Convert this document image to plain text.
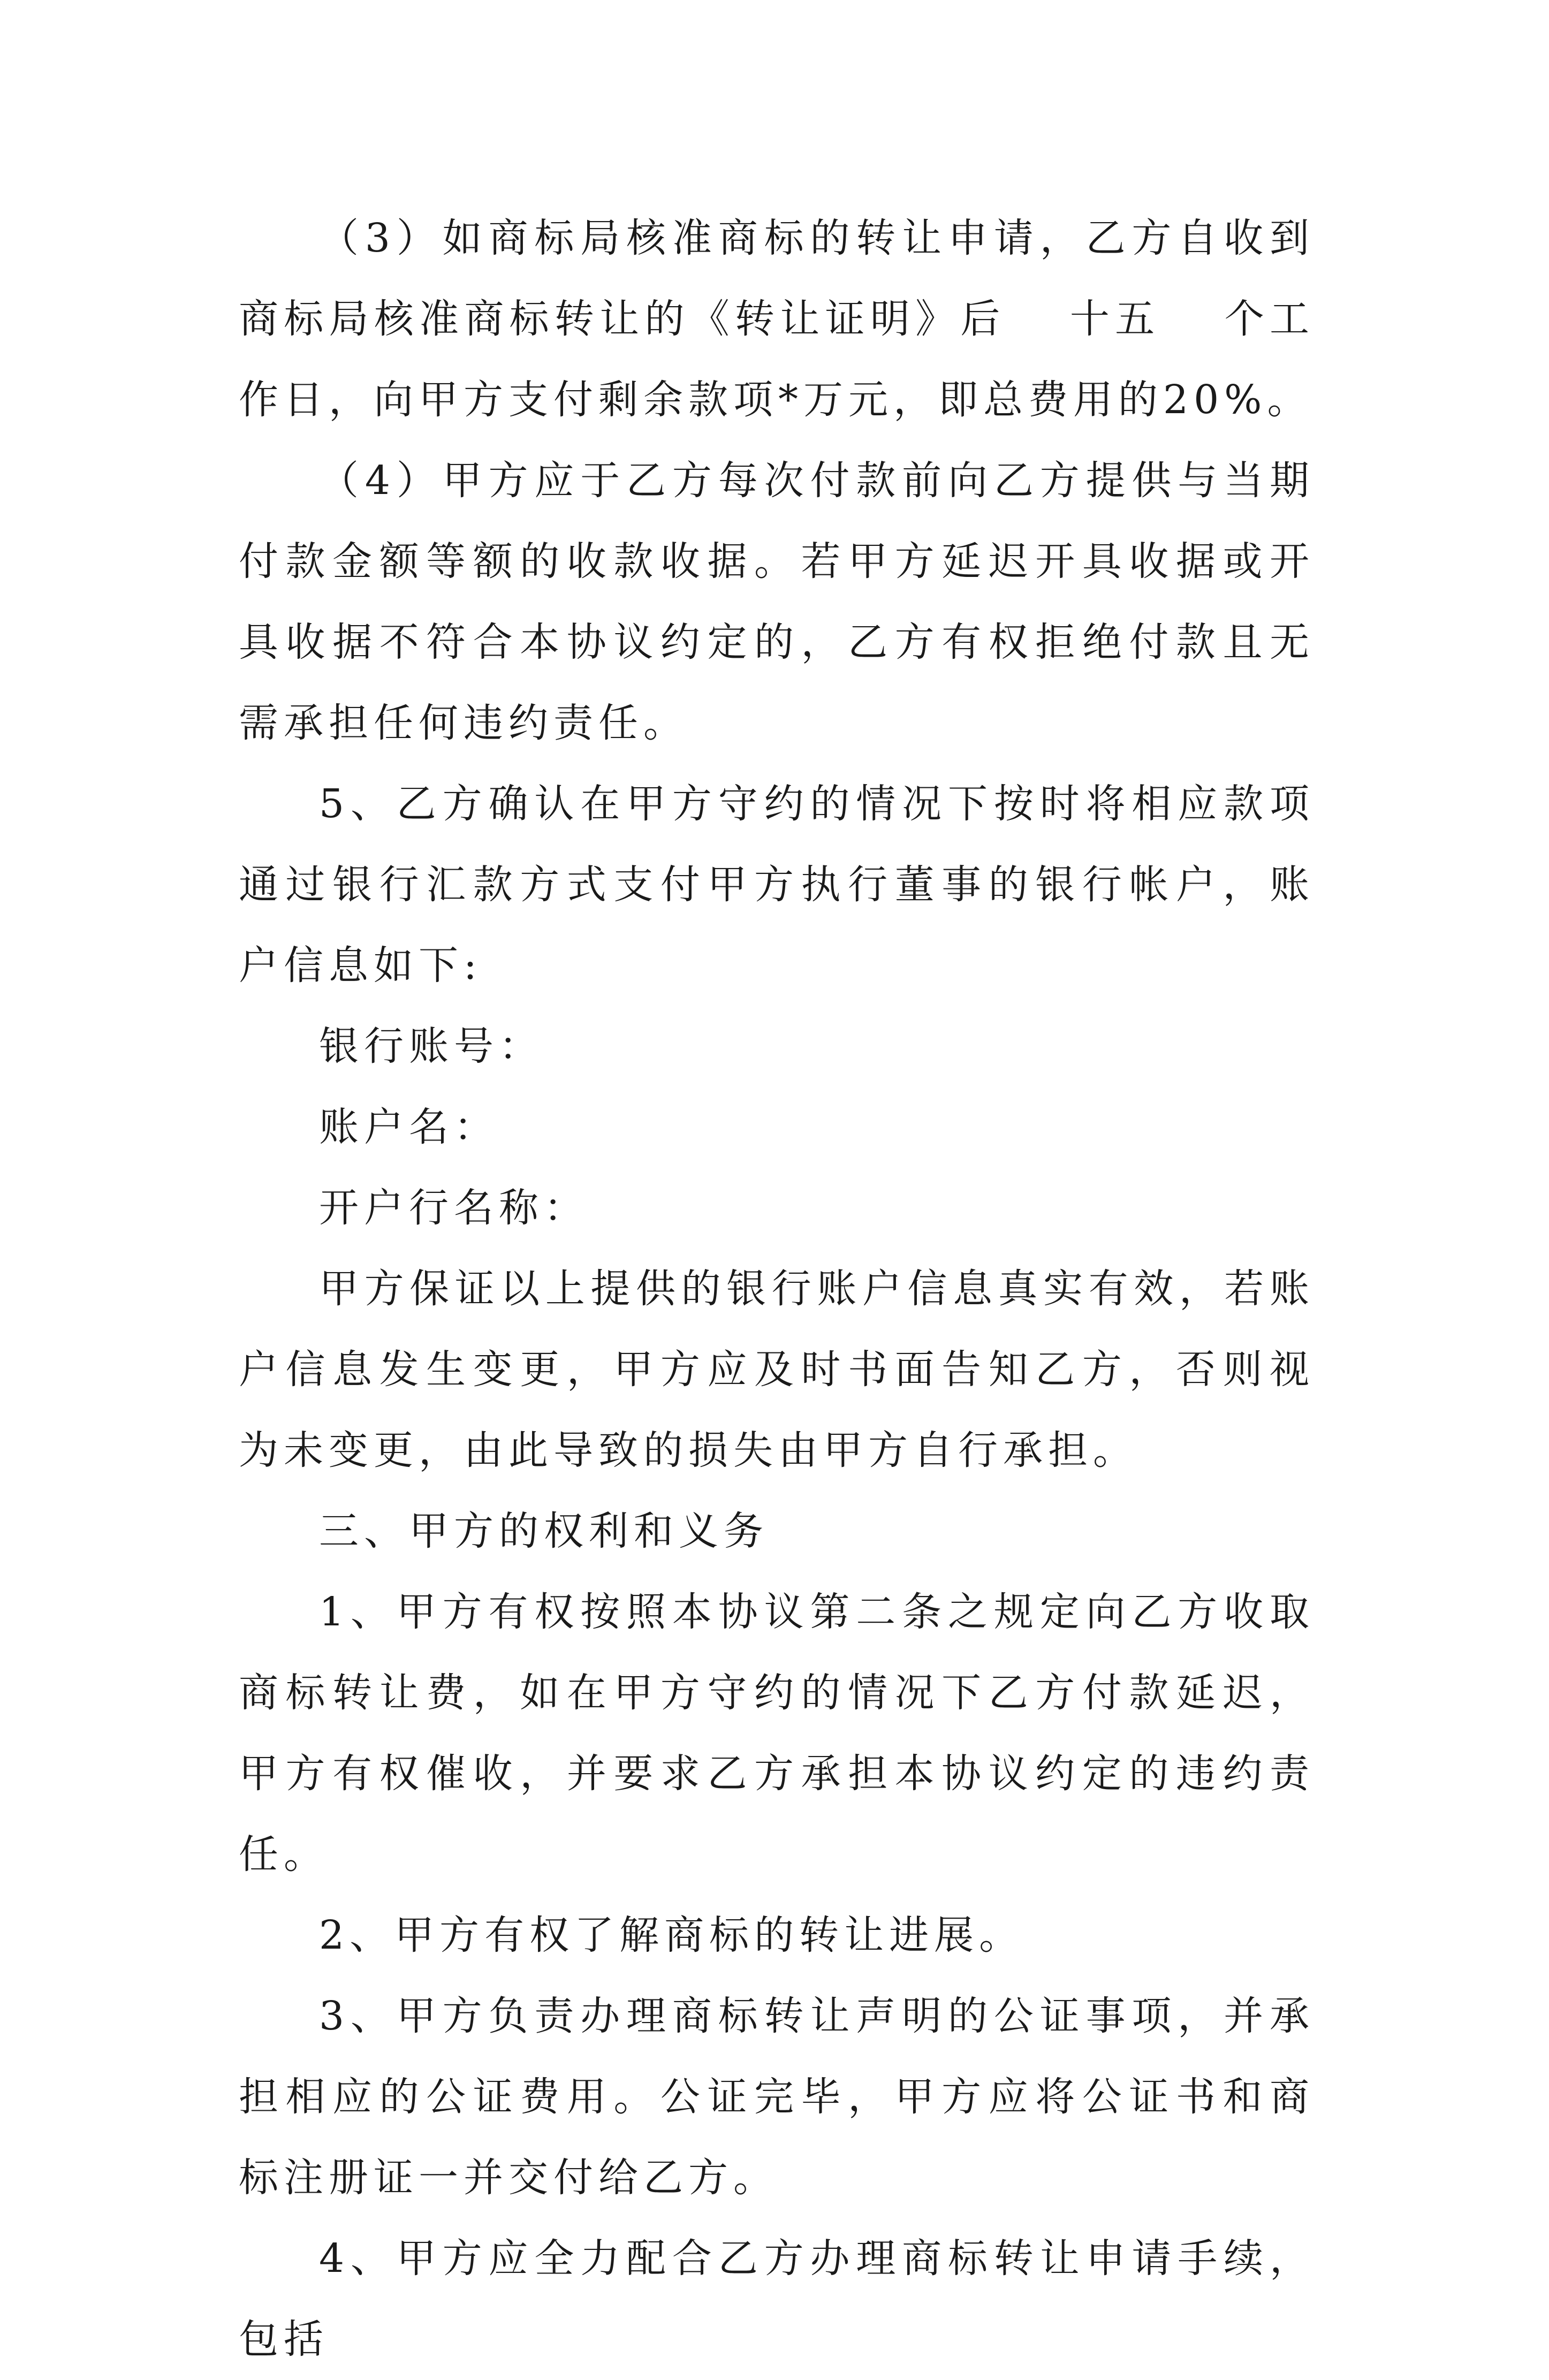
（3）如商标局核准商标的转让申请，乙方自收到商标局核准商标转让的《转让证明》后 十五 个工作日，向甲方支付剩余款项*万元，即总费用的20%。

（4）甲方应于乙方每次付款前向乙方提供与当期付款金额等额的收款收据。若甲方延迟开具收据或开具收据不符合本协议约定的，乙方有权拒绝付款且无需承担任何违约责任。

5、乙方确认在甲方守约的情况下按时将相应款项通过银行汇款方式支付甲方执行董事的银行帐户，账户信息如下:

银行账号：

账户名：

开户行名称：

甲方保证以上提供的银行账户信息真实有效，若账户信息发生变更，甲方应及时书面告知乙方，否则视为未变更，由此导致的损失由甲方自行承担。

三、甲方的权利和义务

1、甲方有权按照本协议第二条之规定向乙方收取商标转让费，如在甲方守约的情况下乙方付款延迟，甲方有权催收，并要求乙方承担本协议约定的违约责任。

2、甲方有权了解商标的转让进展。

3、甲方负责办理商标转让声明的公证事项，并承担相应的公证费用。公证完毕，甲方应将公证书和商标注册证一并交付给乙方。

4、甲方应全力配合乙方办理商标转让申请手续，包括
